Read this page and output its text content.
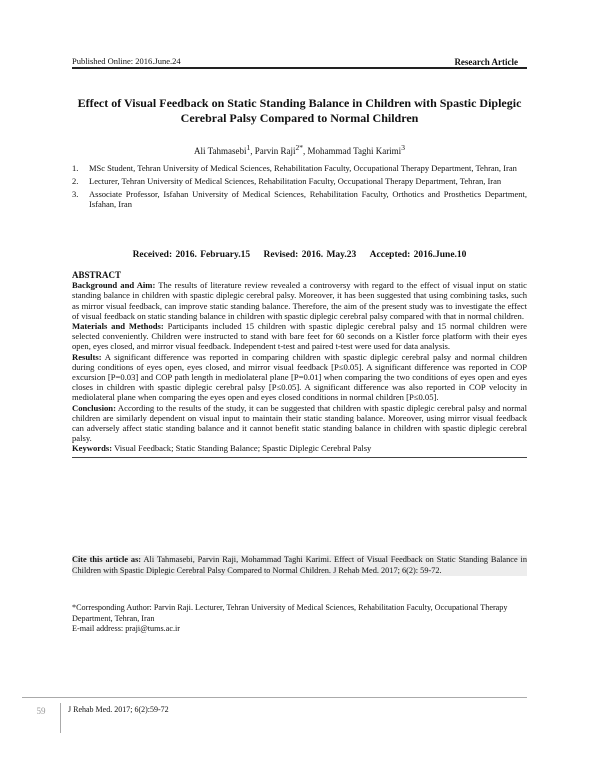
Published Online: 2016.June.24	Research Article
Effect of Visual Feedback on Static Standing Balance in Children with Spastic Diplegic Cerebral Palsy Compared to Normal Children
Ali Tahmasebi$^1$, Parvin Raji$^{2*}$, Mohammad Taghi Karimi$^3$
1. MSc Student, Tehran University of Medical Sciences, Rehabilitation Faculty, Occupational Therapy Department, Tehran, Iran
2. Lecturer, Tehran University of Medical Sciences, Rehabilitation Faculty, Occupational Therapy Department, Tehran, Iran
3. Associate Professor, Isfahan University of Medical Sciences, Rehabilitation Faculty, Orthotics and Prosthetics Department, Isfahan, Iran
Received: 2016. February.15 Revised: 2016. May.23 Accepted: 2016.June.10
ABSTRACT

Background and Aim: The results of literature review revealed a controversy with regard to the effect of visual input on static standing balance in children with spastic diplegic cerebral palsy. Moreover, it has been suggested that using combining tasks, such as mirror visual feedback, can improve static standing balance. Therefore, the aim of the present study was to investigate the effect of visual feedback on static standing balance in children with spastic diplegic cerebral palsy compared with that in normal children.

Materials and Methods: Participants included 15 children with spastic diplegic cerebral palsy and 15 normal children were selected conveniently. Children were instructed to stand with bare feet for 60 seconds on a Kistler force platform with their eyes open, eyes closed, and mirror visual feedback. Independent t-test and paired t-test were used for data analysis.

Results: A significant difference was reported in comparing children with spastic diplegic cerebral palsy and normal children during conditions of eyes open, eyes closed, and mirror visual feedback [P≤0.05]. A significant difference was reported in COP excursion [P=0.03] and COP path length in mediolateral plane [P=0.01] when comparing the two conditions of eyes open and eyes closes in children with spastic diplegic cerebral palsy [P≤0.05]. A significant difference was also reported in COP velocity in mediolateral plane when comparing the eyes open and eyes closed conditions in normal children [P≤0.05].

Conclusion: According to the results of the study, it can be suggested that children with spastic diplegic cerebral palsy and normal children are similarly dependent on visual input to maintain their static standing balance. Moreover, using mirror visual feedback can adversely affect static standing balance and it cannot benefit static standing balance in children with spastic diplegic cerebral palsy.

Keywords: Visual Feedback; Static Standing Balance; Spastic Diplegic Cerebral Palsy

Cite this article as: Ali Tahmasebi, Parvin Raji, Mohammad Taghi Karimi. Effect of Visual Feedback on Static Standing Balance in Children with Spastic Diplegic Cerebral Palsy Compared to Normal Children. J Rehab Med. 2017; 6(2): 59-72.
*Corresponding Author: Parvin Raji. Lecturer, Tehran University of Medical Sciences, Rehabilitation Faculty, Occupational Therapy Department, Tehran, Iran
E-mail address: praji@tums.ac.ir
59	J Rehab Med. 2017; 6(2):59-72
